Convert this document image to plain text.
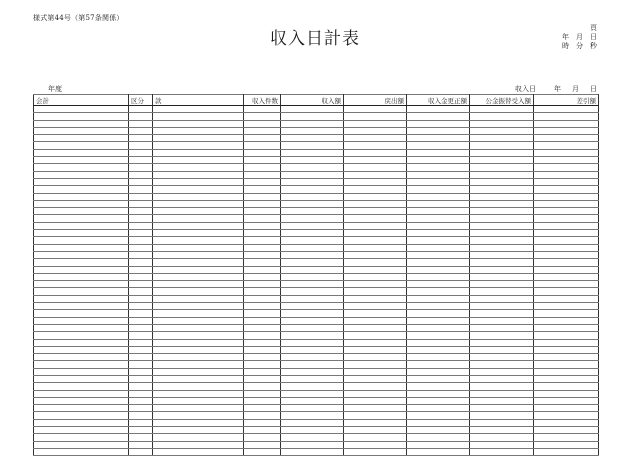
様式第44号（第57条関係）
収入日計表
頁
年 月 日
時 分 秒
年度	収入日	年 月 日
会計	区分	款	収入件数	収入額	戻出額	収入金更正額	公金振替受入額	差引額
